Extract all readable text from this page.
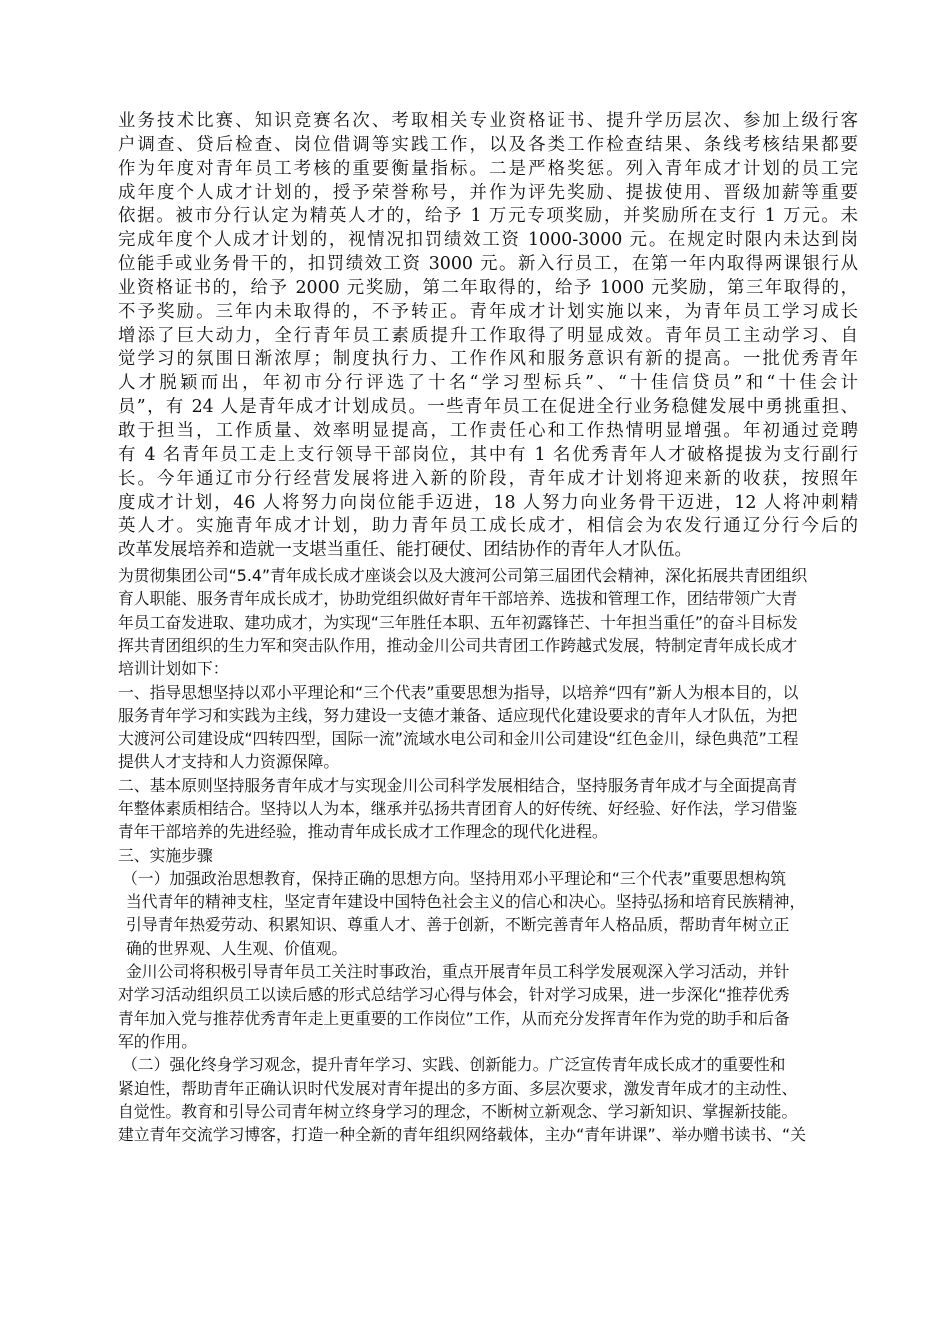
业务技术比赛、知识竞赛名次、考取相关专业资格证书、提升学历层次、参加上级行客

户调查、贷后检查、岗位借调等实践工作，以及各类工作检查结果、条线考核结果都要

作为年度对青年员工考核的重要衡量指标。二是严格奖惩。列入青年成才计划的员工完

成年度个人成才计划的，授予荣誉称号，并作为评先奖励、提拔使用、晋级加薪等重要

依据。被市分行认定为精英人才的，给予 1 万元专项奖励，并奖励所在支行 1 万元。未

完成年度个人成才计划的，视情况扣罚绩效工资 1000-3000 元。在规定时限内未达到岗

位能手或业务骨干的，扣罚绩效工资 3000 元。新入行员工，在第一年内取得两课银行从

业资格证书的，给予 2000 元奖励，第二年取得的，给予 1000 元奖励，第三年取得的，

不予奖励。三年内未取得的，不予转正。青年成才计划实施以来，为青年员工学习成长

增添了巨大动力，全行青年员工素质提升工作取得了明显成效。青年员工主动学习、自

觉学习的氛围日渐浓厚；制度执行力、工作作风和服务意识有新的提高。一批优秀青年

人才脱颖而出，年初市分行评选了十名“学习型标兵”、“十佳信贷员”和“十佳会计

员”，有 24 人是青年成才计划成员。一些青年员工在促进全行业务稳健发展中勇挑重担、

敢于担当，工作质量、效率明显提高，工作责任心和工作热情明显增强。年初通过竞聘

有 4 名青年员工走上支行领导干部岗位，其中有 1 名优秀青年人才破格提拔为支行副行

长。今年通辽市分行经营发展将进入新的阶段，青年成才计划将迎来新的收获，按照年

度成才计划，46 人将努力向岗位能手迈进，18 人努力向业务骨干迈进，12 人将冲刺精

英人才。实施青年成才计划，助力青年员工成长成才，相信会为农发行通辽分行今后的

改革发展培养和造就一支堪当重任、能打硬仗、团结协作的青年人才队伍。

为贯彻集团公司“5.4”青年成长成才座谈会以及大渡河公司第三届团代会精神，深化拓展共青团组织

育人职能、服务青年成长成才，协助党组织做好青年干部培养、选拔和管理工作，团结带领广大青

年员工奋发进取、建功成才，为实现“三年胜任本职、五年初露锋芒、十年担当重任”的奋斗目标发

挥共青团组织的生力军和突击队作用，推动金川公司共青团工作跨越式发展，特制定青年成长成才

培训计划如下：

一、指导思想坚持以邓小平理论和“三个代表”重要思想为指导，以培养“四有”新人为根本目的，以

服务青年学习和实践为主线，努力建设一支德才兼备、适应现代化建设要求的青年人才队伍，为把

大渡河公司建设成“四转四型，国际一流”流域水电公司和金川公司建设“红色金川，绿色典范”工程

提供人才支持和人力资源保障。

二、基本原则坚持服务青年成才与实现金川公司科学发展相结合，坚持服务青年成才与全面提高青

年整体素质相结合。坚持以人为本，继承并弘扬共青团育人的好传统、好经验、好作法，学习借鉴

青年干部培养的先进经验，推动青年成长成才工作理念的现代化进程。

三、实施步骤

（一）加强政治思想教育，保持正确的思想方向。坚持用邓小平理论和“三个代表”重要思想构筑

当代青年的精神支柱，坚定青年建设中国特色社会主义的信心和决心。坚持弘扬和培育民族精神，

引导青年热爱劳动、积累知识、尊重人才、善于创新，不断完善青年人格品质，帮助青年树立正

确的世界观、人生观、价值观。

金川公司将积极引导青年员工关注时事政治，重点开展青年员工科学发展观深入学习活动，并针

对学习活动组织员工以读后感的形式总结学习心得与体会，针对学习成果，进一步深化“推荐优秀

青年加入党与推荐优秀青年走上更重要的工作岗位”工作，从而充分发挥青年作为党的助手和后备

军的作用。

（二）强化终身学习观念，提升青年学习、实践、创新能力。广泛宣传青年成长成才的重要性和

紧迫性，帮助青年正确认识时代发展对青年提出的多方面、多层次要求，激发青年成才的主动性、

自觉性。教育和引导公司青年树立终身学习的理念，不断树立新观念、学习新知识、掌握新技能。

建立青年交流学习博客，打造一种全新的青年组织网络载体，主办“青年讲课”、举办赠书读书、“关
